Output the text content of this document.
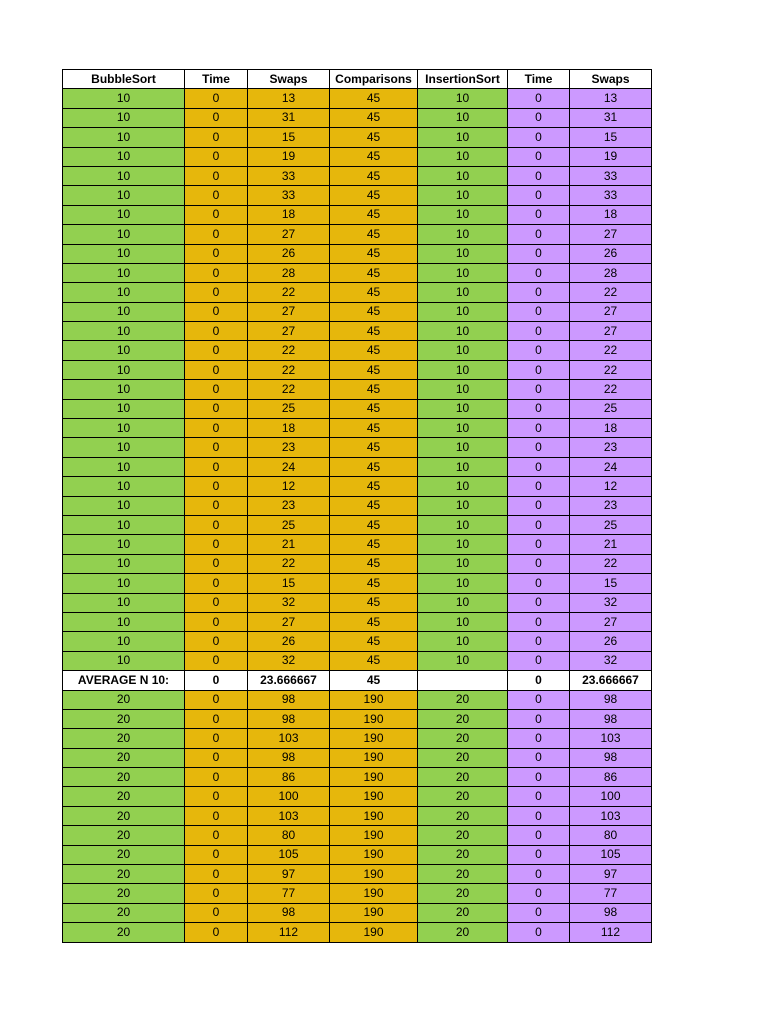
BubbleSort	Time	Swaps	Comparisons	InsertionSort	Time	Swaps
10	0	13	45	10	0	13
10	0	31	45	10	0	31
10	0	15	45	10	0	15
10	0	19	45	10	0	19
10	0	33	45	10	0	33
10	0	33	45	10	0	33
10	0	18	45	10	0	18
10	0	27	45	10	0	27
10	0	26	45	10	0	26
10	0	28	45	10	0	28
10	0	22	45	10	0	22
10	0	27	45	10	0	27
10	0	27	45	10	0	27
10	0	22	45	10	0	22
10	0	22	45	10	0	22
10	0	22	45	10	0	22
10	0	25	45	10	0	25
10	0	18	45	10	0	18
10	0	23	45	10	0	23
10	0	24	45	10	0	24
10	0	12	45	10	0	12
10	0	23	45	10	0	23
10	0	25	45	10	0	25
10	0	21	45	10	0	21
10	0	22	45	10	0	22
10	0	15	45	10	0	15
10	0	32	45	10	0	32
10	0	27	45	10	0	27
10	0	26	45	10	0	26
10	0	32	45	10	0	32
AVERAGE N 10:	0	23.666667	45		0	23.666667
20	0	98	190	20	0	98
20	0	98	190	20	0	98
20	0	103	190	20	0	103
20	0	98	190	20	0	98
20	0	86	190	20	0	86
20	0	100	190	20	0	100
20	0	103	190	20	0	103
20	0	80	190	20	0	80
20	0	105	190	20	0	105
20	0	97	190	20	0	97
20	0	77	190	20	0	77
20	0	98	190	20	0	98
20	0	112	190	20	0	112
